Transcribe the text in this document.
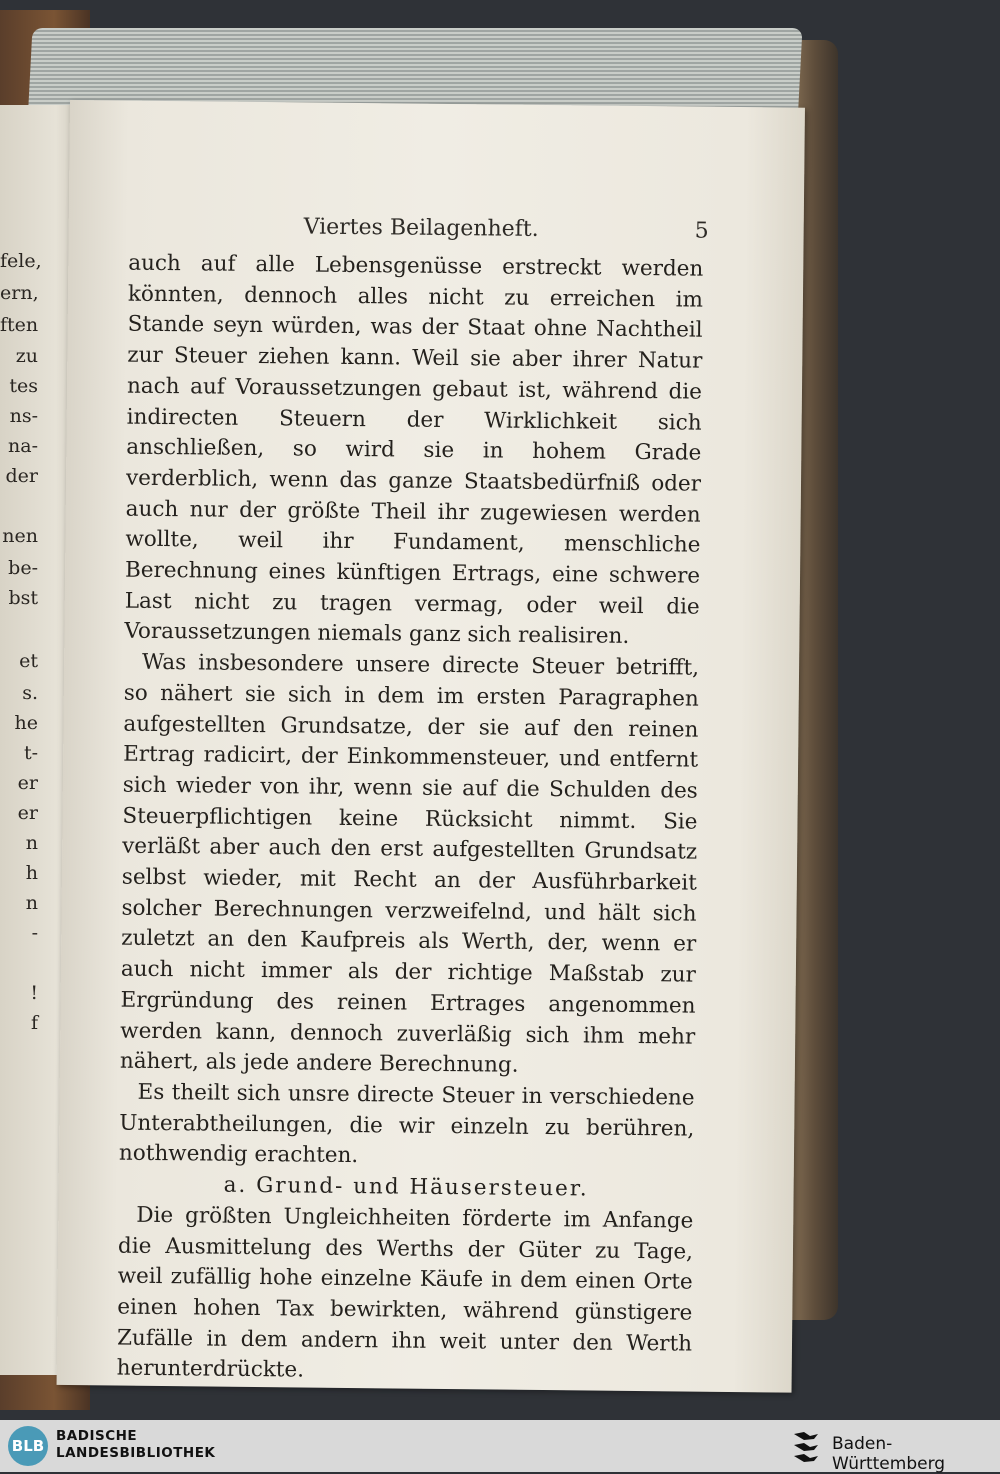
fele,
ern,
ften
zu
tes
ns-
na-
der
nen
be-
bst
et
s.
he
t-
er
er
n
h
n
-
!
f
Viertes Beilagenheft.	5

auch auf alle Lebensgenüsse erstreckt werden könnten, dennoch alles nicht zu erreichen im Stande seyn würden, was der Staat ohne Nachtheil zur Steuer ziehen kann. Weil sie aber ihrer Natur nach auf Voraussetzungen gebaut ist, während die indirecten Steuern der Wirklichkeit sich anschließen, so wird sie in hohem Grade verderblich, wenn das ganze Staatsbedürfniß oder auch nur der größte Theil ihr zugewiesen werden wollte, weil ihr Fundament, menschliche Berechnung eines künftigen Ertrags, eine schwere Last nicht zu tragen vermag, oder weil die Voraussetzungen niemals ganz sich realisiren.

Was insbesondere unsere directe Steuer betrifft, so nähert sie sich in dem im ersten Paragraphen aufgestellten Grundsatze, der sie auf den reinen Ertrag radicirt, der Einkommensteuer, und entfernt sich wieder von ihr, wenn sie auf die Schulden des Steuerpflichtigen keine Rücksicht nimmt. Sie verläßt aber auch den erst aufgestellten Grundsatz selbst wieder, mit Recht an der Ausführbarkeit solcher Berechnungen verzweifelnd, und hält sich zuletzt an den Kaufpreis als Werth, der, wenn er auch nicht immer als der richtige Maßstab zur Ergründung des reinen Ertrages angenommen werden kann, dennoch zuverläßig sich ihm mehr nähert, als jede andere Berechnung.

Es theilt sich unsre directe Steuer in verschiedene Unterabtheilungen, die wir einzeln zu berühren, nothwendig erachten.

a. Grund- und Häusersteuer.

Die größten Ungleichheiten förderte im Anfange die Ausmittelung des Werths der Güter zu Tage, weil zufällig hohe einzelne Käufe in dem einen Orte einen hohen Tax bewirkten, während günstigere Zufälle in dem andern ihn weit unter den Werth herunterdrückte.

BLB
BADISCHE
LANDESBIBLIOTHEK	Baden-Württemberg
